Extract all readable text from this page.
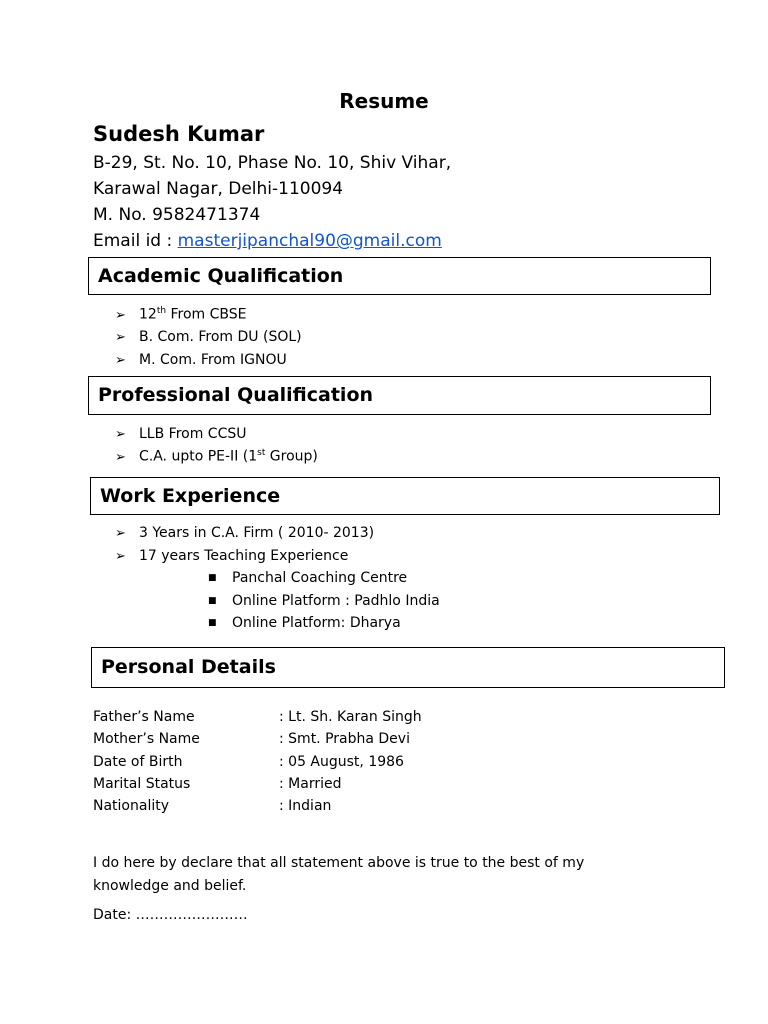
Resume
Sudesh Kumar
B-29, St. No. 10, Phase No. 10, Shiv Vihar,
Karawal Nagar, Delhi-110094
M. No. 9582471374
Email id : masterjipanchal90@gmail.com
Academic Qualification
➢ 12th From CBSE
➢ B. Com. From DU (SOL)
➢ M. Com. From IGNOU
Professional Qualification
➢ LLB From CCSU
➢ C.A. upto PE-II (1st Group)
Work Experience
➢ 3 Years in C.A. Firm ( 2010- 2013)
➢ 17 years Teaching Experience
■ Panchal Coaching Centre
■ Online Platform : Padhlo India
■ Online Platform: Dharya
Personal Details
Father’s Name	: Lt. Sh. Karan Singh
Mother’s Name	: Smt. Prabha Devi
Date of Birth	: 05 August, 1986
Marital Status	: Married
Nationality	: Indian
I do here by declare that all statement above is true to the best of my knowledge and belief.
Date: ……………………
